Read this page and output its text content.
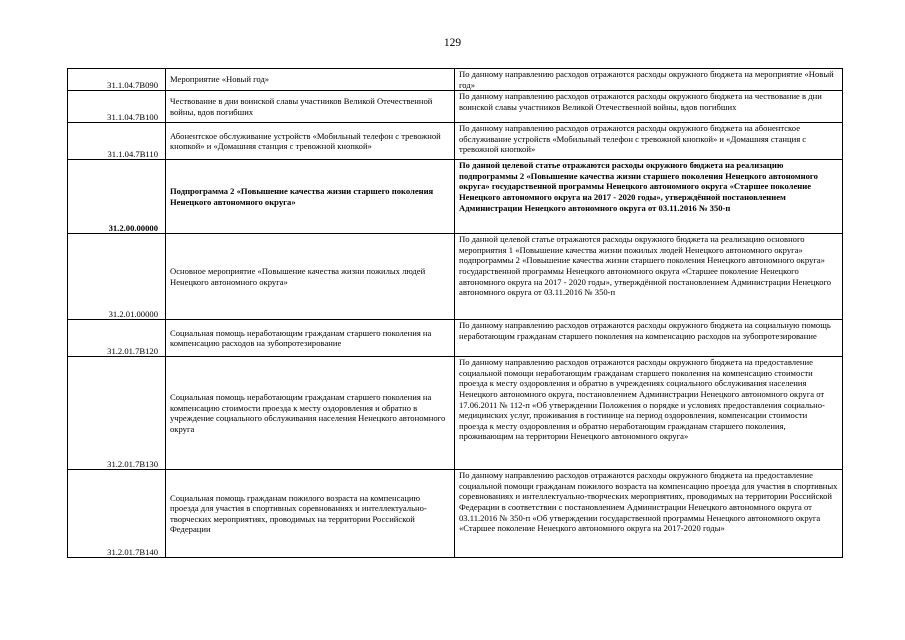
129
31.1.04.7В090	Мероприятие «Новый год»	По данному направлению расходов отражаются расходы окружного бюджета на мероприятие «Новый год»
31.1.04.7В100	Чествование в дни воинской славы участников Великой Отечественной войны, вдов погибших	По данному направлению расходов отражаются расходы окружного бюджета на чествование в дни воинской славы участников Великой Отечественной войны, вдов погибших
31.1.04.7В110	Абонентское обслуживание устройств «Мобильный телефон с тревожной кнопкой» и «Домашняя станция с тревожной кнопкой»	По данному направлению расходов отражаются расходы окружного бюджета на абонентское обслуживание устройств «Мобильный телефон с тревожной кнопкой» и «Домашняя станция с тревожной кнопкой»
31.2.00.00000	Подпрограмма 2 «Повышение качества жизни старшего поколения Ненецкого автономного округа»	По данной целевой статье отражаются расходы окружного бюджета на реализацию подпрограммы 2 «Повышение качества жизни старшего поколения Ненецкого автономного округа» государственной программы Ненецкого автономного округа «Старшее поколение Ненецкого автономного округа на 2017 - 2020 годы», утверждённой постановлением Администрации Ненецкого автономного округа от 03.11.2016 № 350-п
31.2.01.00000	Основное мероприятие «Повышение качества жизни пожилых людей Ненецкого автономного округа»	По данной целевой статье отражаются расходы окружного бюджета на реализацию основного мероприятия 1 «Повышение качества жизни пожилых людей Ненецкого автономного округа» подпрограммы 2 «Повышение качества жизни старшего поколения Ненецкого автономного округа» государственной программы Ненецкого автономного округа «Старшее поколение Ненецкого автономного округа на 2017 - 2020 годы», утверждённой постановлением Администрации Ненецкого автономного округа от 03.11.2016 № 350-п
31.2.01.7В120	Социальная помощь неработающим гражданам старшего поколения на компенсацию расходов на зубопротезирование	По данному направлению расходов отражаются расходы окружного бюджета на социальную помощь неработающим гражданам старшего поколения на компенсацию расходов на зубопротезирование
31.2.01.7В130	Социальная помощь неработающим гражданам старшего поколения на компенсацию стоимости проезда к месту оздоровления и обратно в учреждение социального обслуживания населения Ненецкого автономного округа	По данному направлению расходов отражаются расходы окружного бюджета на предоставление социальной помощи неработающим гражданам старшего поколения на компенсацию стоимости проезда к месту оздоровления и обратно в учреждениях социального обслуживания населения Ненецкого автономного округа, постановлением Администрации Ненецкого автономного округа от 17.06.2011 № 112-п «Об утверждении Положения о порядке и условиях предоставления социально-медицинских услуг, проживания в гостинице на период оздоровления, компенсации стоимости проезда к месту оздоровления и обратно неработающим гражданам старшего поколения, проживающим на территории Ненецкого автономного округа»
31.2.01.7В140	Социальная помощь гражданам пожилого возраста на компенсацию проезда для участия в спортивных соревнованиях и интеллектуально-творческих мероприятиях, проводимых на территории Российской Федерации	По данному направлению расходов отражаются расходы окружного бюджета на предоставление социальной помощи гражданам пожилого возраста на компенсацию проезда для участия в спортивных соревнованиях и интеллектуально-творческих мероприятиях, проводимых на территории Российской Федерации в соответствии с постановлением Администрации Ненецкого автономного округа от 03.11.2016 № 350-п «Об утверждении государственной программы Ненецкого автономного округа «Старшее поколение Ненецкого автономного округа на 2017-2020 годы»
